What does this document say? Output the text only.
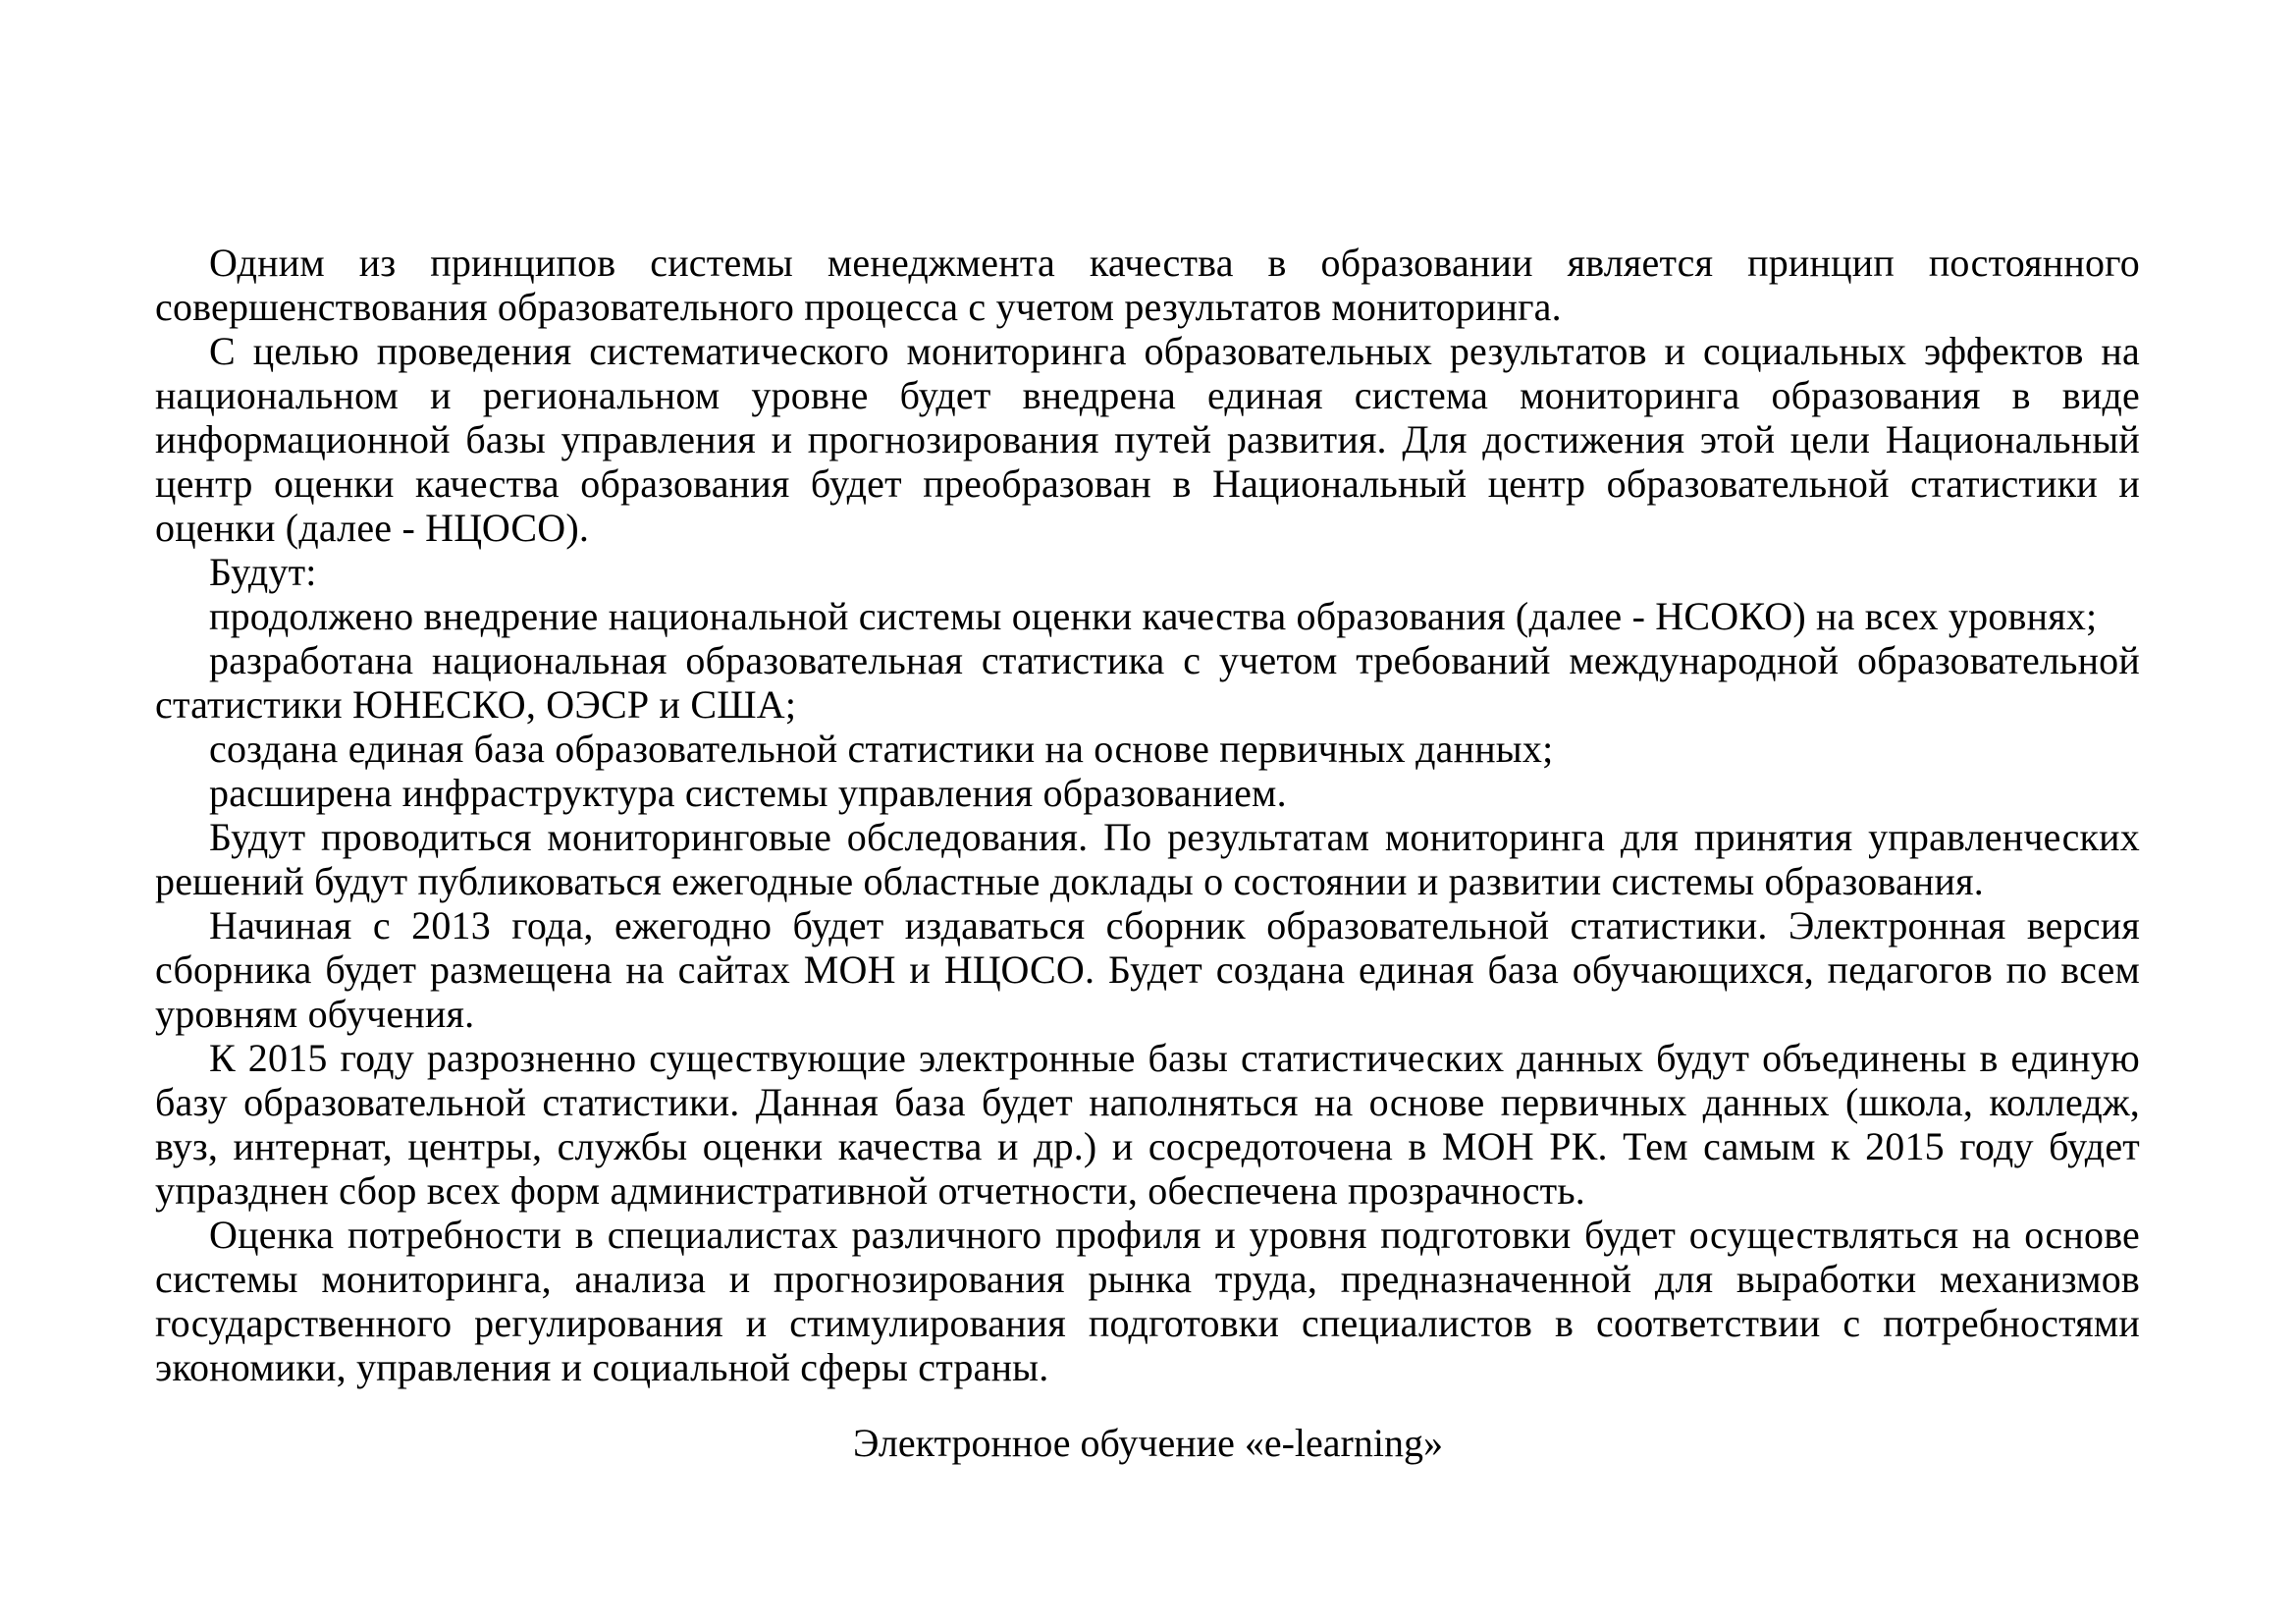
Одним из принципов системы менеджмента качества в образовании является принцип постоянного совершенствования образовательного процесса с учетом результатов мониторинга.

С целью проведения систематического мониторинга образовательных результатов и социальных эффектов на национальном и региональном уровне будет внедрена единая система мониторинга образования в виде информационной базы управления и прогнозирования путей развития. Для достижения этой цели Национальный центр оценки качества образования будет преобразован в Национальный центр образовательной статистики и оценки (далее - НЦОСО).

Будут:

продолжено внедрение национальной системы оценки качества образования (далее - НСОКО) на всех уровнях;

разработана национальная образовательная статистика с учетом требований международной образовательной статистики ЮНЕСКО, ОЭСР и США;

создана единая база образовательной статистики на основе первичных данных;

расширена инфраструктура системы управления образованием.

Будут проводиться мониторинговые обследования. По результатам мониторинга для принятия управленческих решений будут публиковаться ежегодные областные доклады о состоянии и развитии системы образования.

Начиная с 2013 года, ежегодно будет издаваться сборник образовательной статистики. Электронная версия сборника будет размещена на сайтах МОН и НЦОСО. Будет создана единая база обучающихся, педагогов по всем уровням обучения.

К 2015 году разрозненно существующие электронные базы статистических данных будут объединены в единую базу образовательной статистики. Данная база будет наполняться на основе первичных данных (школа, колледж, вуз, интернат, центры, службы оценки качества и др.) и сосредоточена в МОН РК. Тем самым к 2015 году будет упразднен сбор всех форм административной отчетности, обеспечена прозрачность.

Оценка потребности в специалистах различного профиля и уровня подготовки будет осуществляться на основе системы мониторинга, анализа и прогнозирования рынка труда, предназначенной для выработки механизмов государственного регулирования и стимулирования подготовки специалистов в соответствии с потребностями экономики, управления и социальной сферы страны.

Электронное обучение «e-learning»
